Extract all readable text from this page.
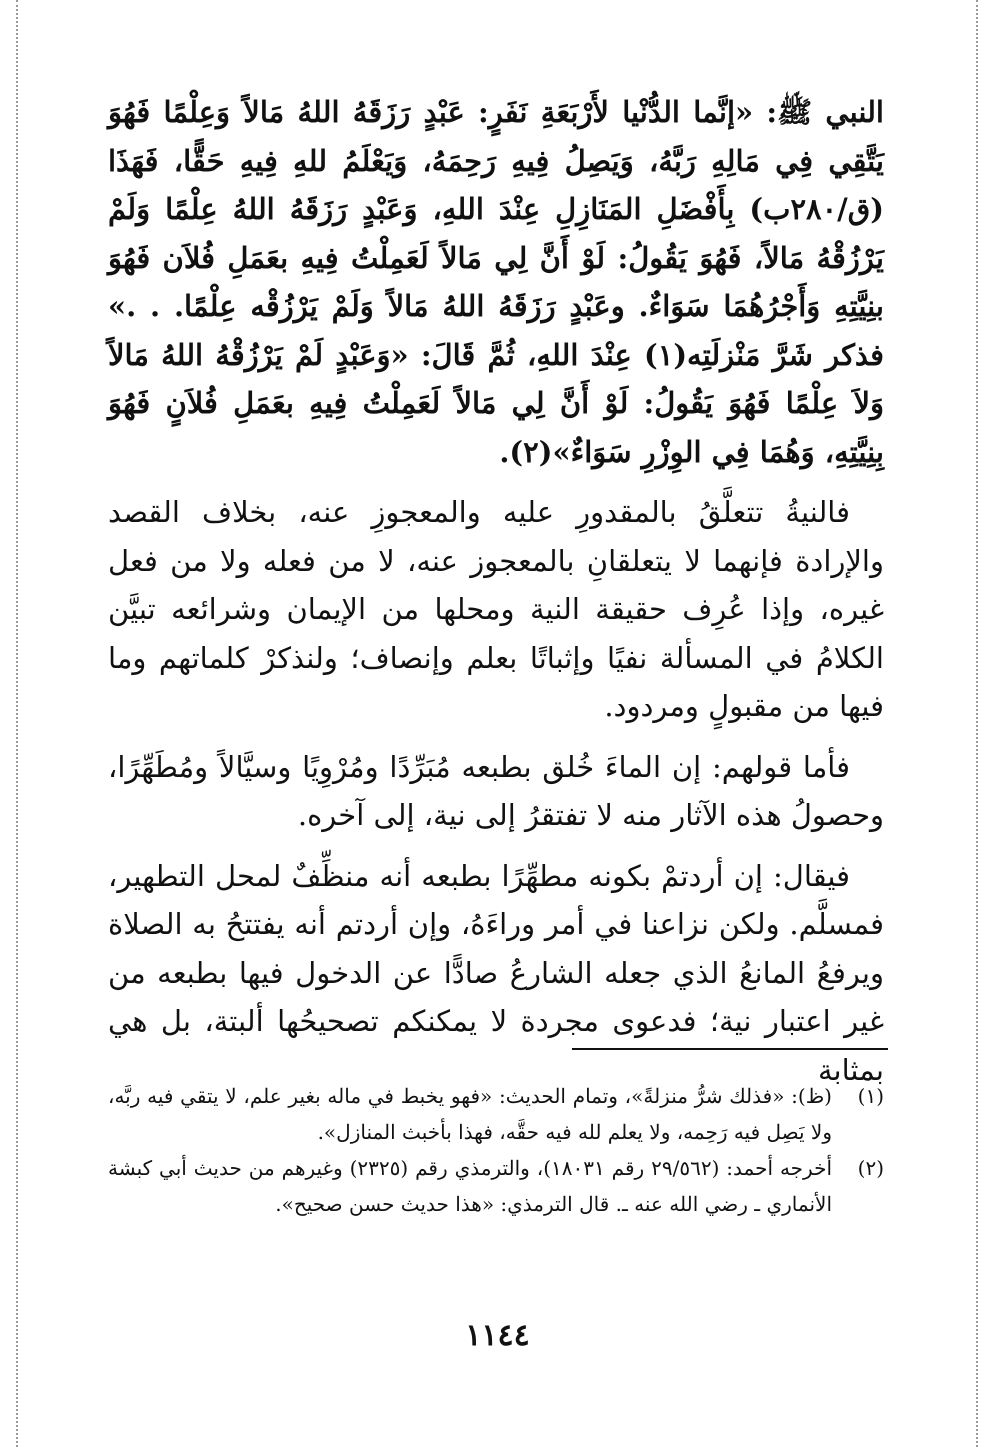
النبي ﷺ: «إنَّما الدُّنْيا لأَرْبَعَةِ نَفَرٍ: عَبْدٍ رَزَقَهُ اللهُ مَالاً وَعِلْمًا فَهُوَ يَتَّقِي فِي مَالِهِ رَبَّهُ، وَيَصِلُ فِيهِ رَحِمَهُ، وَيَعْلَمُ للهِ فِيهِ حَقًّا، فَهَذَا (ق/٢٨٠ب) بِأَفْضَلِ المَنَازِلِ عِنْدَ اللهِ، وَعَبْدٍ رَزَقَهُ اللهُ عِلْمًا وَلَمْ يَرْزُقْهُ مَالاً، فَهُوَ يَقُولُ: لَوْ أَنَّ لِي مَالاً لَعَمِلْتُ فِيهِ بعَمَلِ فُلاَن فَهُوَ بنِيَّتِهِ وَأَجْرُهُمَا سَوَاءٌ. وعَبْدٍ رَزَقَهُ اللهُ مَالاً وَلَمْ يَرْزُقْه عِلْمًا. . .» فذكر شَرَّ مَنْزلَتِه(١) عِنْدَ اللهِ، ثُمَّ قَالَ: «وَعَبْدٍ لَمْ يَرْزُقْهُ اللهُ مَالاً وَلاَ عِلْمًا فَهُوَ يَقُولُ: لَوْ أَنَّ لِي مَالاً لَعَمِلْتُ فِيهِ بعَمَلِ فُلاَنٍ فَهُوَ بِنِيَّتِهِ، وَهُمَا فِي الوِزْرِ سَوَاءٌ»(٢).

فالنيةُ تتعلَّقُ بالمقدورِ عليه والمعجوزِ عنه، بخلاف القصد والإرادة فإنهما لا يتعلقانِ بالمعجوز عنه، لا من فعله ولا من فعل غيره، وإذا عُرِف حقيقة النية ومحلها من الإيمان وشرائعه تبيَّن الكلامُ في المسألة نفيًا وإثباتًا بعلم وإنصاف؛ ولنذكرْ كلماتهم وما فيها من مقبولٍ ومردود.

فأما قولهم: إن الماءَ خُلق بطبعه مُبَرِّدًا ومُرْوِيًا وسيَّالاً ومُطَهِّرًا، وحصولُ هذه الآثار منه لا تفتقرُ إلى نية، إلى آخره.

فيقال: إن أردتمْ بكونه مطهِّرًا بطبعه أنه منظِّفٌ لمحل التطهير، فمسلَّم. ولكن نزاعنا في أمر وراءَهُ، وإن أردتم أنه يفتتحُ به الصلاة ويرفعُ المانعُ الذي جعله الشارعُ صادًّا عن الدخول فيها بطبعه من غير اعتبار نية؛ فدعوى مجردة لا يمكنكم تصحيحُها ألبتة، بل هي بمثابة

(١)
(ظ): «فذلك شرُّ منزلةً»، وتمام الحديث: «فهو يخبط في ماله بغير علم، لا يتقي فيه ربَّه، ولا يَصِل فيه رَحِمه، ولا يعلم لله فيه حقَّه، فهذا بأخبث المنازل».
(٢)
أخرجه أحمد: (٢٩/٥٦٢ رقم ١٨٠٣١)، والترمذي رقم (٢٣٢٥) وغيرهم من حديث أبي كبشة الأنماري ـ رضي الله عنه ـ. قال الترمذي: «هذا حديث حسن صحيح».
١١٤٤
